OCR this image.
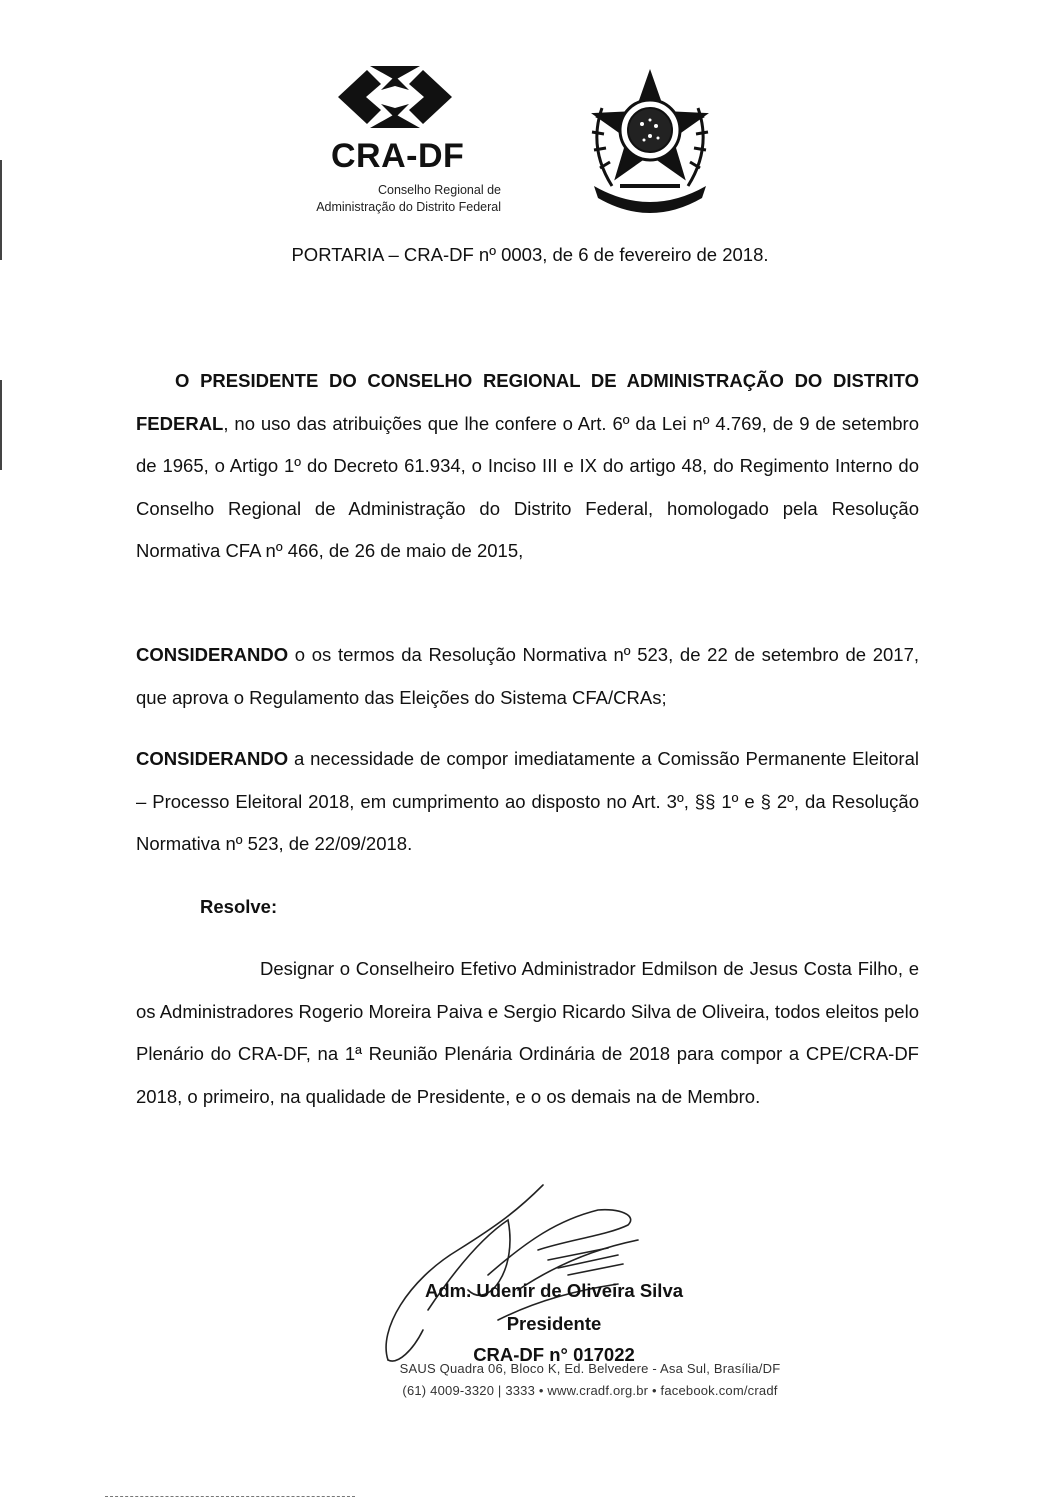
CRA-DF
Conselho Regional de
Administração do Distrito Federal
PORTARIA – CRA-DF nº 0003, de 6 de fevereiro de 2018.

O PRESIDENTE DO CONSELHO REGIONAL DE ADMINISTRAÇÃO DO DISTRITO FEDERAL, no uso das atribuições que lhe confere o Art. 6º da Lei nº 4.769, de 9 de setembro de 1965, o Artigo 1º do Decreto 61.934, o Inciso III e IX do artigo 48, do Regimento Interno do Conselho Regional de Administração do Distrito Federal, homologado pela Resolução Normativa CFA nº 466, de 26 de maio de 2015,

CONSIDERANDO o os termos da Resolução Normativa nº 523, de 22 de setembro de 2017, que aprova o Regulamento das Eleições do Sistema CFA/CRAs;

CONSIDERANDO a necessidade de compor imediatamente a Comissão Permanente Eleitoral – Processo Eleitoral 2018, em cumprimento ao disposto no Art. 3º, §§ 1º e § 2º, da Resolução Normativa nº 523, de 22/09/2018.

Resolve:

Designar o Conselheiro Efetivo Administrador Edmilson de Jesus Costa Filho, e os Administradores Rogerio Moreira Paiva e Sergio Ricardo Silva de Oliveira, todos eleitos pelo Plenário do CRA-DF, na 1ª Reunião Plenária Ordinária de 2018 para compor a CPE/CRA-DF 2018, o primeiro, na qualidade de Presidente, e o os demais na de Membro.

Adm. Udenir de Oliveira Silva
Presidente
CRA-DF n° 017022
SAUS Quadra 06, Bloco K, Ed. Belvedere - Asa Sul, Brasília/DF
(61) 4009-3320 | 3333 • www.cradf.org.br • facebook.com/cradf
